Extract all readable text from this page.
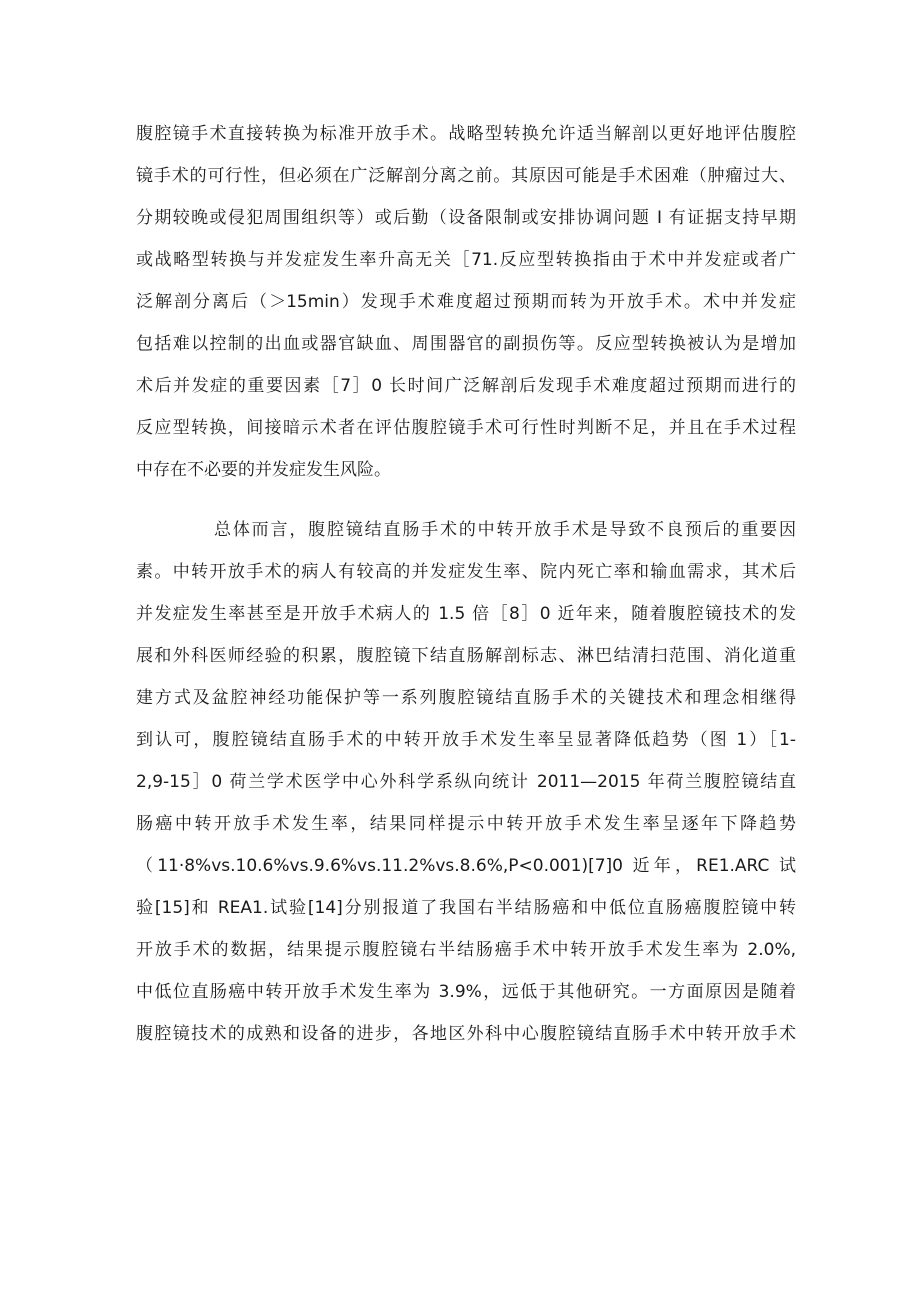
腹腔镜手术直接转换为标准开放手术。战略型转换允许适当解剖以更好地评估腹腔
镜手术的可行性，但必须在广泛解剖分离之前。其原因可能是手术困难（肿瘤过大、
分期较晚或侵犯周围组织等）或后勤（设备限制或安排协调问题 I 有证据支持早期
或战略型转换与并发症发生率升高无关［71.反应型转换指由于术中并发症或者广
泛解剖分离后（＞15min）发现手术难度超过预期而转为开放手术。术中并发症
包括难以控制的出血或器官缺血、周围器官的副损伤等。反应型转换被认为是增加
术后并发症的重要因素［7］0 长时间广泛解剖后发现手术难度超过预期而进行的
反应型转换，间接暗示术者在评估腹腔镜手术可行性时判断不足，并且在手术过程
中存在不必要的并发症发生风险。
总体而言，腹腔镜结直肠手术的中转开放手术是导致不良预后的重要因
素。中转开放手术的病人有较高的并发症发生率、院内死亡率和输血需求，其术后
并发症发生率甚至是开放手术病人的 1.5 倍［8］0 近年来，随着腹腔镜技术的发
展和外科医师经验的积累，腹腔镜下结直肠解剖标志、淋巴结清扫范围、消化道重
建方式及盆腔神经功能保护等一系列腹腔镜结直肠手术的关键技术和理念相继得
到认可，腹腔镜结直肠手术的中转开放手术发生率呈显著降低趋势（图 1）［1-
2,9-15］0 荷兰学术医学中心外科学系纵向统计 2011—2015 年荷兰腹腔镜结直
肠癌中转开放手术发生率，结果同样提示中转开放手术发生率呈逐年下降趋势
（11·8%vs.10.6%vs.9.6%vs.11.2%vs.8.6%,P<0.001)[7]0 近年，RE1.ARC 试
验[15]和 REA1.试验[14]分别报道了我国右半结肠癌和中低位直肠癌腹腔镜中转
开放手术的数据，结果提示腹腔镜右半结肠癌手术中转开放手术发生率为 2.0%,
中低位直肠癌中转开放手术发生率为 3.9%，远低于其他研究。一方面原因是随着
腹腔镜技术的成熟和设备的进步，各地区外科中心腹腔镜结直肠手术中转开放手术
